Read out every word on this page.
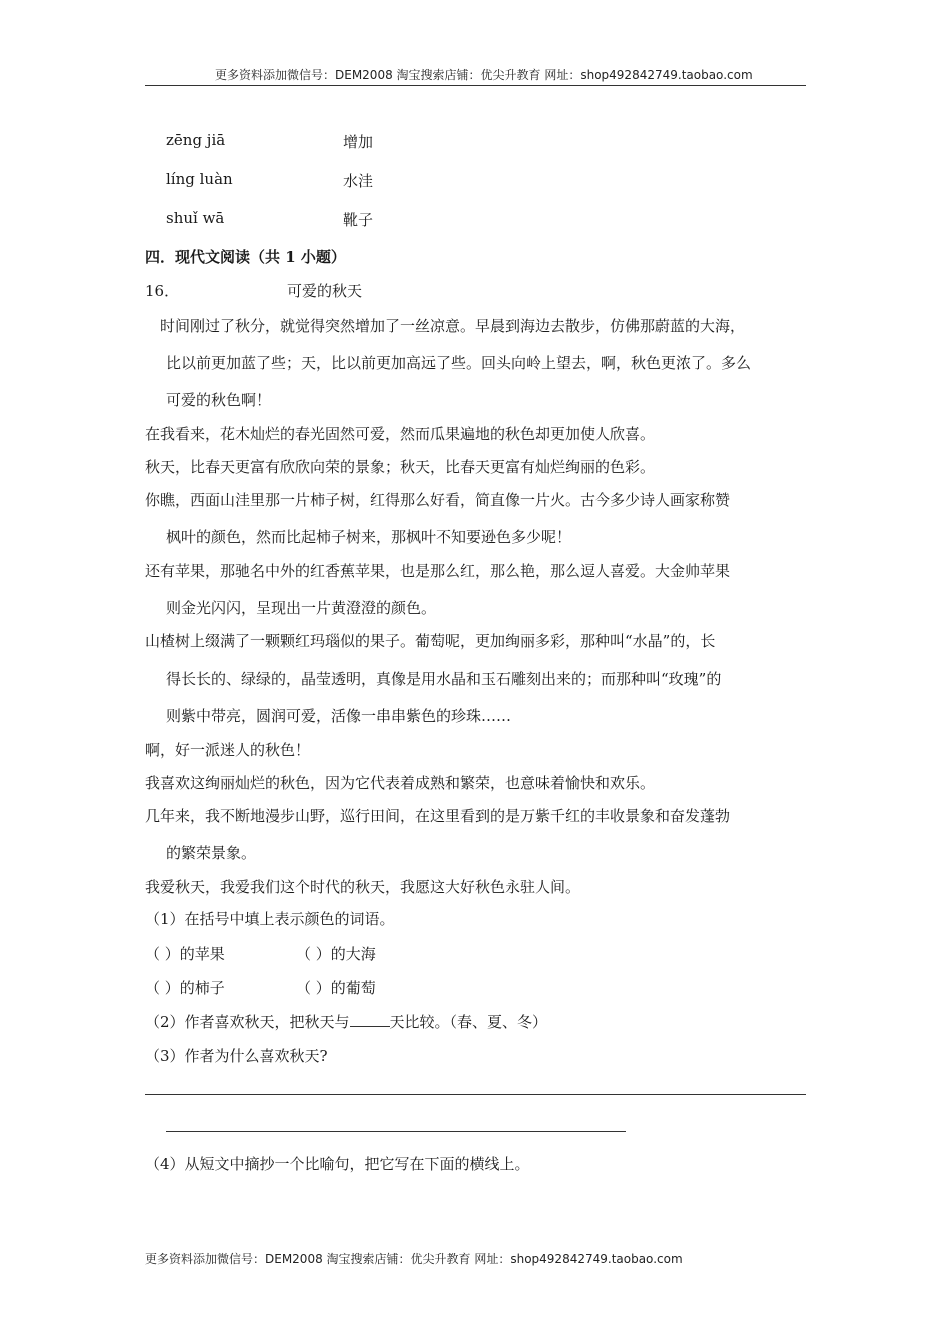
更多资料添加微信号：DEM2008 淘宝搜索店铺：优尖升教育 网址：shop492842749.taobao.com
zēng jiā	增加
líng luàn	水洼
shuǐ wā	靴子
四．现代文阅读（共 1 小题）
16．	可爱的秋天
时间刚过了秋分，就觉得突然增加了一丝凉意。早晨到海边去散步，仿佛那蔚蓝的大海，
比以前更加蓝了些；天，比以前更加高远了些。回头向岭上望去，啊，秋色更浓了。多么
可爱的秋色啊！
在我看来，花木灿烂的春光固然可爱，然而瓜果遍地的秋色却更加使人欣喜。
秋天，比春天更富有欣欣向荣的景象；秋天，比春天更富有灿烂绚丽的色彩。
你瞧，西面山洼里那一片柿子树，红得那么好看，简直像一片火。古今多少诗人画家称赞
枫叶的颜色，然而比起柿子树来，那枫叶不知要逊色多少呢！
还有苹果，那驰名中外的红香蕉苹果，也是那么红，那么艳，那么逗人喜爱。大金帅苹果
则金光闪闪，呈现出一片黄澄澄的颜色。
山楂树上缀满了一颗颗红玛瑙似的果子。葡萄呢，更加绚丽多彩，那种叫“水晶”的，长
得长长的、绿绿的，晶莹透明，真像是用水晶和玉石雕刻出来的；而那种叫“玫瑰”的
则紫中带亮，圆润可爱，活像一串串紫色的珍珠……
啊，好一派迷人的秋色！
我喜欢这绚丽灿烂的秋色，因为它代表着成熟和繁荣，也意味着愉快和欢乐。
几年来，我不断地漫步山野，巡行田间，在这里看到的是万紫千红的丰收景象和奋发蓬勃
的繁荣景象。
我爱秋天，我爱我们这个时代的秋天，我愿这大好秋色永驻人间。
（1）在括号中填上表示颜色的词语。
（ ）的苹果	（ ）的大海
（ ）的柿子	（ ）的葡萄
（2）作者喜欢秋天，把秋天与	天比较。（春、夏、冬）
（3）作者为什么喜欢秋天?
（4）从短文中摘抄一个比喻句，把它写在下面的横线上。
更多资料添加微信号：DEM2008 淘宝搜索店铺：优尖升教育 网址：shop492842749.taobao.com
